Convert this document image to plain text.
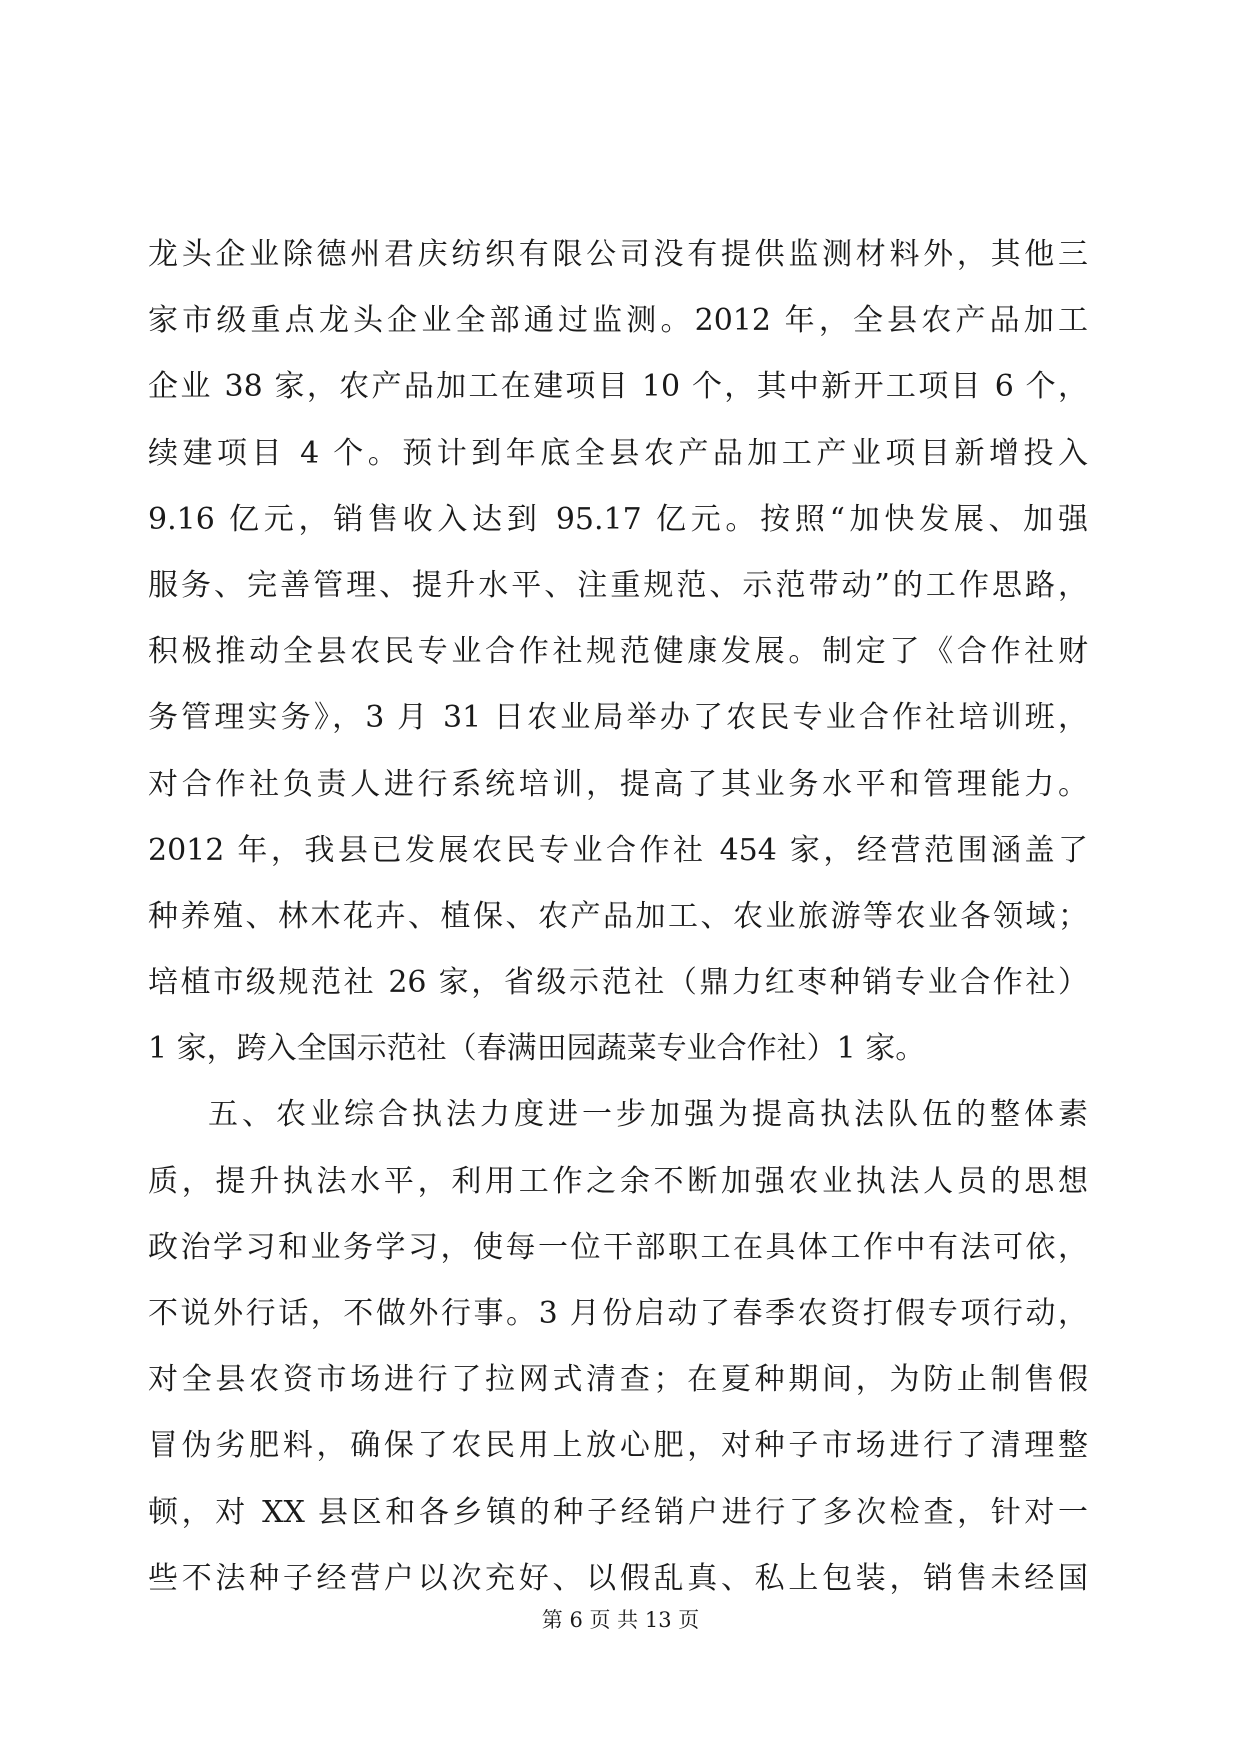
龙头企业除德州君庆纺织有限公司没有提供监测材料外，其他三
家市级重点龙头企业全部通过监测。2012 年，全县农产品加工
企业 38 家，农产品加工在建项目 10 个，其中新开工项目 6 个，
续建项目 4 个。预计到年底全县农产品加工产业项目新增投入
9.16 亿元，销售收入达到 95.17 亿元。按照“加快发展、加强
服务、完善管理、提升水平、注重规范、示范带动”的工作思路，
积极推动全县农民专业合作社规范健康发展。制定了《合作社财
务管理实务》，3 月 31 日农业局举办了农民专业合作社培训班，
对合作社负责人进行系统培训，提高了其业务水平和管理能力。
2012 年，我县已发展农民专业合作社 454 家，经营范围涵盖了
种养殖、林木花卉、植保、农产品加工、农业旅游等农业各领域；
培植市级规范社 26 家，省级示范社（鼎力红枣种销专业合作社）
1 家，跨入全国示范社（春满田园蔬菜专业合作社）1 家。
五、农业综合执法力度进一步加强为提高执法队伍的整体素
质，提升执法水平，利用工作之余不断加强农业执法人员的思想
政治学习和业务学习，使每一位干部职工在具体工作中有法可依，
不说外行话，不做外行事。3 月份启动了春季农资打假专项行动，
对全县农资市场进行了拉网式清查；在夏种期间，为防止制售假
冒伪劣肥料，确保了农民用上放心肥，对种子市场进行了清理整
顿，对 XX 县区和各乡镇的种子经销户进行了多次检查，针对一
些不法种子经营户以次充好、以假乱真、私上包装，销售未经国
第 6 页 共 13 页
